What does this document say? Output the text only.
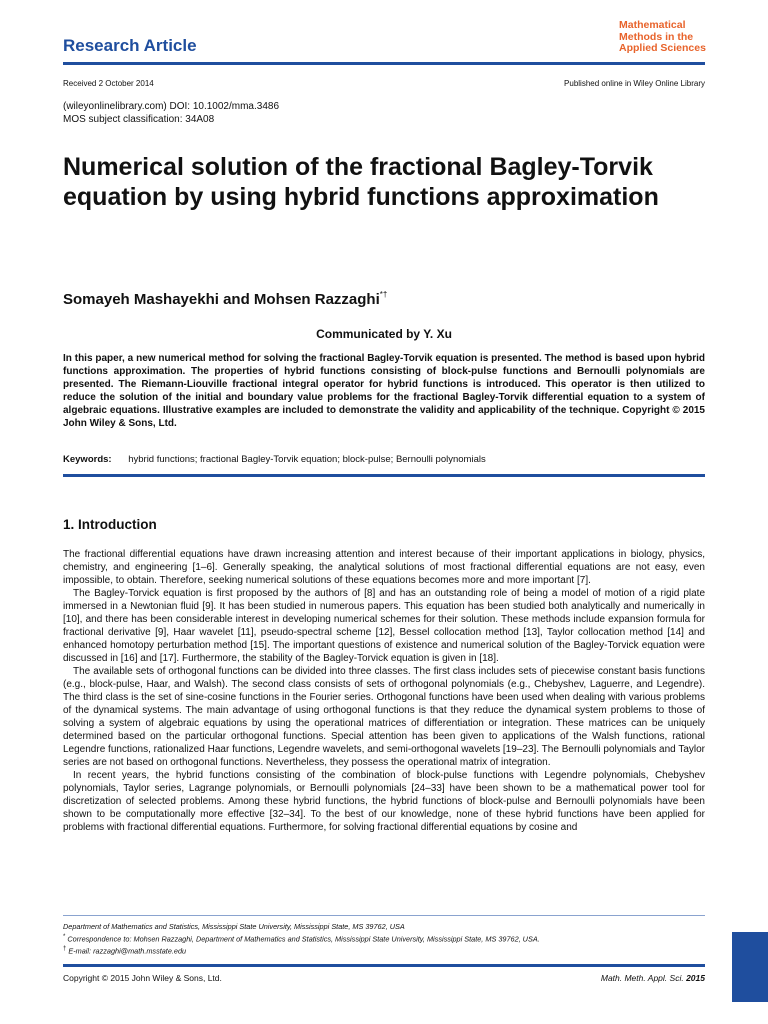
Research Article
Mathematical
Methods in the
Applied Sciences
Received 2 October 2014	Published online in Wiley Online Library
(wileyonlinelibrary.com) DOI: 10.1002/mma.3486
MOS subject classification: 34A08
Numerical solution of the fractional Bagley-Torvik equation by using hybrid functions approximation
Somayeh Mashayekhi and Mohsen Razzaghi*†
Communicated by Y. Xu
In this paper, a new numerical method for solving the fractional Bagley-Torvik equation is presented. The method is based upon hybrid functions approximation. The properties of hybrid functions consisting of block-pulse functions and Bernoulli polynomials are presented. The Riemann-Liouville fractional integral operator for hybrid functions is introduced. This operator is then utilized to reduce the solution of the initial and boundary value problems for the fractional Bagley-Torvik differential equation to a system of algebraic equations. Illustrative examples are included to demonstrate the validity and applicability of the technique. Copyright © 2015 John Wiley & Sons, Ltd.
Keywords: hybrid functions; fractional Bagley-Torvik equation; block-pulse; Bernoulli polynomials
1. Introduction

The fractional differential equations have drawn increasing attention and interest because of their important applications in biology, physics, chemistry, and engineering [1–6]. Generally speaking, the analytical solutions of most fractional differential equations are not easy, even impossible, to obtain. Therefore, seeking numerical solutions of these equations becomes more and more important [7].

The Bagley-Torvick equation is first proposed by the authors of [8] and has an outstanding role of being a model of motion of a rigid plate immersed in a Newtonian fluid [9]. It has been studied in numerous papers. This equation has been studied both analytically and numerically in [10], and there has been considerable interest in developing numerical schemes for their solution. These methods include expansion formula for fractional derivative [9], Haar wavelet [11], pseudo-spectral scheme [12], Bessel collocation method [13], Taylor collocation method [14] and enhanced homotopy perturbation method [15]. The important questions of existence and numerical solution of the Bagley-Torvick equation were discussed in [16] and [17]. Furthermore, the stability of the Bagley-Torvick equation is given in [18].

The available sets of orthogonal functions can be divided into three classes. The first class includes sets of piecewise constant basis functions (e.g., block-pulse, Haar, and Walsh). The second class consists of sets of orthogonal polynomials (e.g., Chebyshev, Laguerre, and Legendre). The third class is the set of sine-cosine functions in the Fourier series. Orthogonal functions have been used when dealing with various problems of the dynamical systems. The main advantage of using orthogonal functions is that they reduce the dynamical system problems to those of solving a system of algebraic equations by using the operational matrices of differentiation or integration. These matrices can be uniquely determined based on the particular orthogonal functions. Special attention has been given to applications of the Walsh functions, rational Legendre functions, rationalized Haar functions, Legendre wavelets, and semi-orthogonal wavelets [19–23]. The Bernoulli polynomials and Taylor series are not based on orthogonal functions. Nevertheless, they possess the operational matrix of integration.

In recent years, the hybrid functions consisting of the combination of block-pulse functions with Legendre polynomials, Chebyshev polynomials, Taylor series, Lagrange polynomials, or Bernoulli polynomials [24–33] have been shown to be a mathematical power tool for discretization of selected problems. Among these hybrid functions, the hybrid functions of block-pulse and Bernoulli polynomials have been shown to be computationally more effective [32–34]. To the best of our knowledge, none of these hybrid functions have been applied for problems with fractional differential equations. Furthermore, for solving fractional differential equations by cosine and

Department of Mathematics and Statistics, Mississippi State University, Mississippi State, MS 39762, USA
* Correspondence to: Mohsen Razzaghi, Department of Mathematics and Statistics, Mississippi State University, Mississippi State, MS 39762, USA.
† E-mail: razzaghi@math.msstate.edu
Copyright © 2015 John Wiley & Sons, Ltd.	Math. Meth. Appl. Sci. 2015
